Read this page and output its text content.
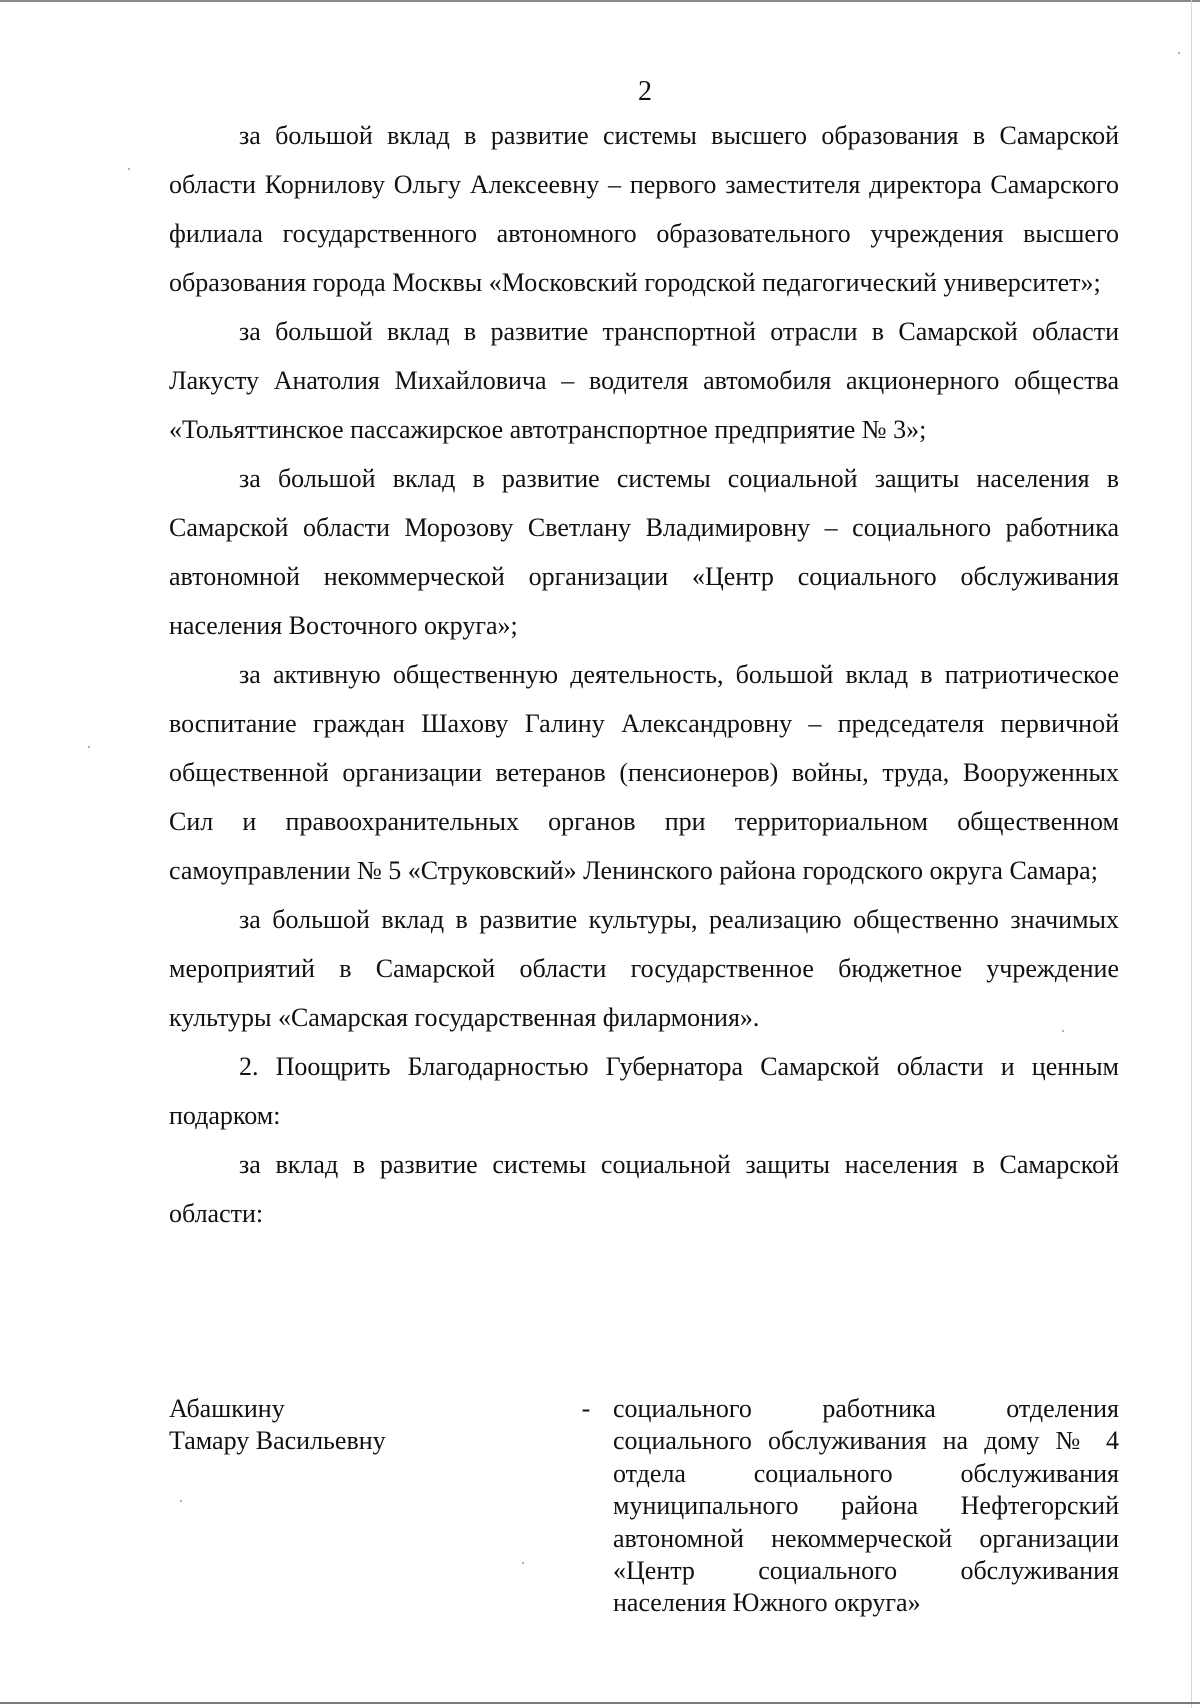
2

за большой вклад в развитие системы высшего образования в Самарской области Корнилову Ольгу Алексеевну – первого заместителя директора Самарского филиала государственного автономного образовательного учреждения высшего образования города Москвы «Московский городской педагогический университет»;

за большой вклад в развитие транспортной отрасли в Самарской области Лакусту Анатолия Михайловича – водителя автомобиля акционерного общества «Тольяттинское пассажирское автотранспортное предприятие № 3»;

за большой вклад в развитие системы социальной защиты населения в Самарской области Морозову Светлану Владимировну – социального работника автономной некоммерческой организации «Центр социального обслуживания населения Восточного округа»;

за активную общественную деятельность, большой вклад в патриотическое воспитание граждан Шахову Галину Александровну – председателя первичной общественной организации ветеранов (пенсионеров) войны, труда, Вооруженных Сил и правоохранительных органов при территориальном общественном самоуправлении № 5 «Струковский» Ленинского района городского округа Самара;

за большой вклад в развитие культуры, реализацию общественно значимых мероприятий в Самарской области государственное бюджетное учреждение культуры «Самарская государственная филармония».

2. Поощрить Благодарностью Губернатора Самарской области и ценным подарком:

за вклад в развитие системы социальной защиты населения в Самарской области:

Абашкину
Тамару Васильевну
- социального работника отделения социального обслуживания на дому № 4 отдела социального обслуживания муниципального района Нефтегорский автономной некоммерческой организации «Центр социального обслуживания населения Южного округа»
